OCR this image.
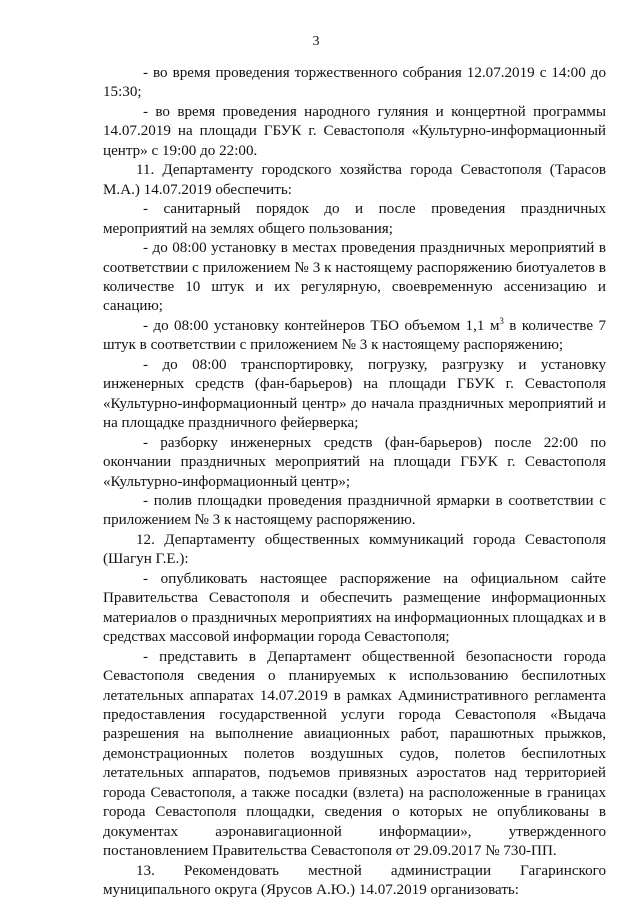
3

- во время проведения торжественного собрания 12.07.2019 с 14:00 до 15:30;

- во время проведения народного гуляния и концертной программы 14.07.2019 на площади ГБУК г. Севастополя «Культурно-информационный центр» с 19:00 до 22:00.

11. Департаменту городского хозяйства города Севастополя (Тарасов М.А.) 14.07.2019 обеспечить:

- санитарный порядок до и после проведения праздничных мероприятий на землях общего пользования;

- до 08:00 установку в местах проведения праздничных мероприятий в соответствии с приложением № 3 к настоящему распоряжению биотуалетов в количестве 10 штук и их регулярную, своевременную ассенизацию и санацию;

- до 08:00 установку контейнеров ТБО объемом 1,1 $м^3$ в количестве 7 штук в соответствии с приложением № 3 к настоящему распоряжению;

- до 08:00 транспортировку, погрузку, разгрузку и установку инженерных средств (фан-барьеров) на площади ГБУК г. Севастополя «Культурно-информационный центр» до начала праздничных мероприятий и на площадке праздничного фейерверка;

- разборку инженерных средств (фан-барьеров) после 22:00 по окончании праздничных мероприятий на площади ГБУК г. Севастополя «Культурно-информационный центр»;

- полив площадки проведения праздничной ярмарки в соответствии с приложением № 3 к настоящему распоряжению.

12. Департаменту общественных коммуникаций города Севастополя (Шагун Г.Е.):

- опубликовать настоящее распоряжение на официальном сайте Правительства Севастополя и обеспечить размещение информационных материалов о праздничных мероприятиях на информационных площадках и в средствах массовой информации города Севастополя;

- представить в Департамент общественной безопасности города Севастополя сведения о планируемых к использованию беспилотных летательных аппаратах 14.07.2019 в рамках Административного регламента предоставления государственной услуги города Севастополя «Выдача разрешения на выполнение авиационных работ, парашютных прыжков, демонстрационных полетов воздушных судов, полетов беспилотных летательных аппаратов, подъемов привязных аэростатов над территорией города Севастополя, а также посадки (взлета) на расположенные в границах города Севастополя площадки, сведения о которых не опубликованы в документах аэронавигационной информации», утвержденного постановлением Правительства Севастополя от 29.09.2017 № 730-ПП.

13. Рекомендовать местной администрации Гагаринского муниципального округа (Ярусов А.Ю.) 14.07.2019 организовать:
